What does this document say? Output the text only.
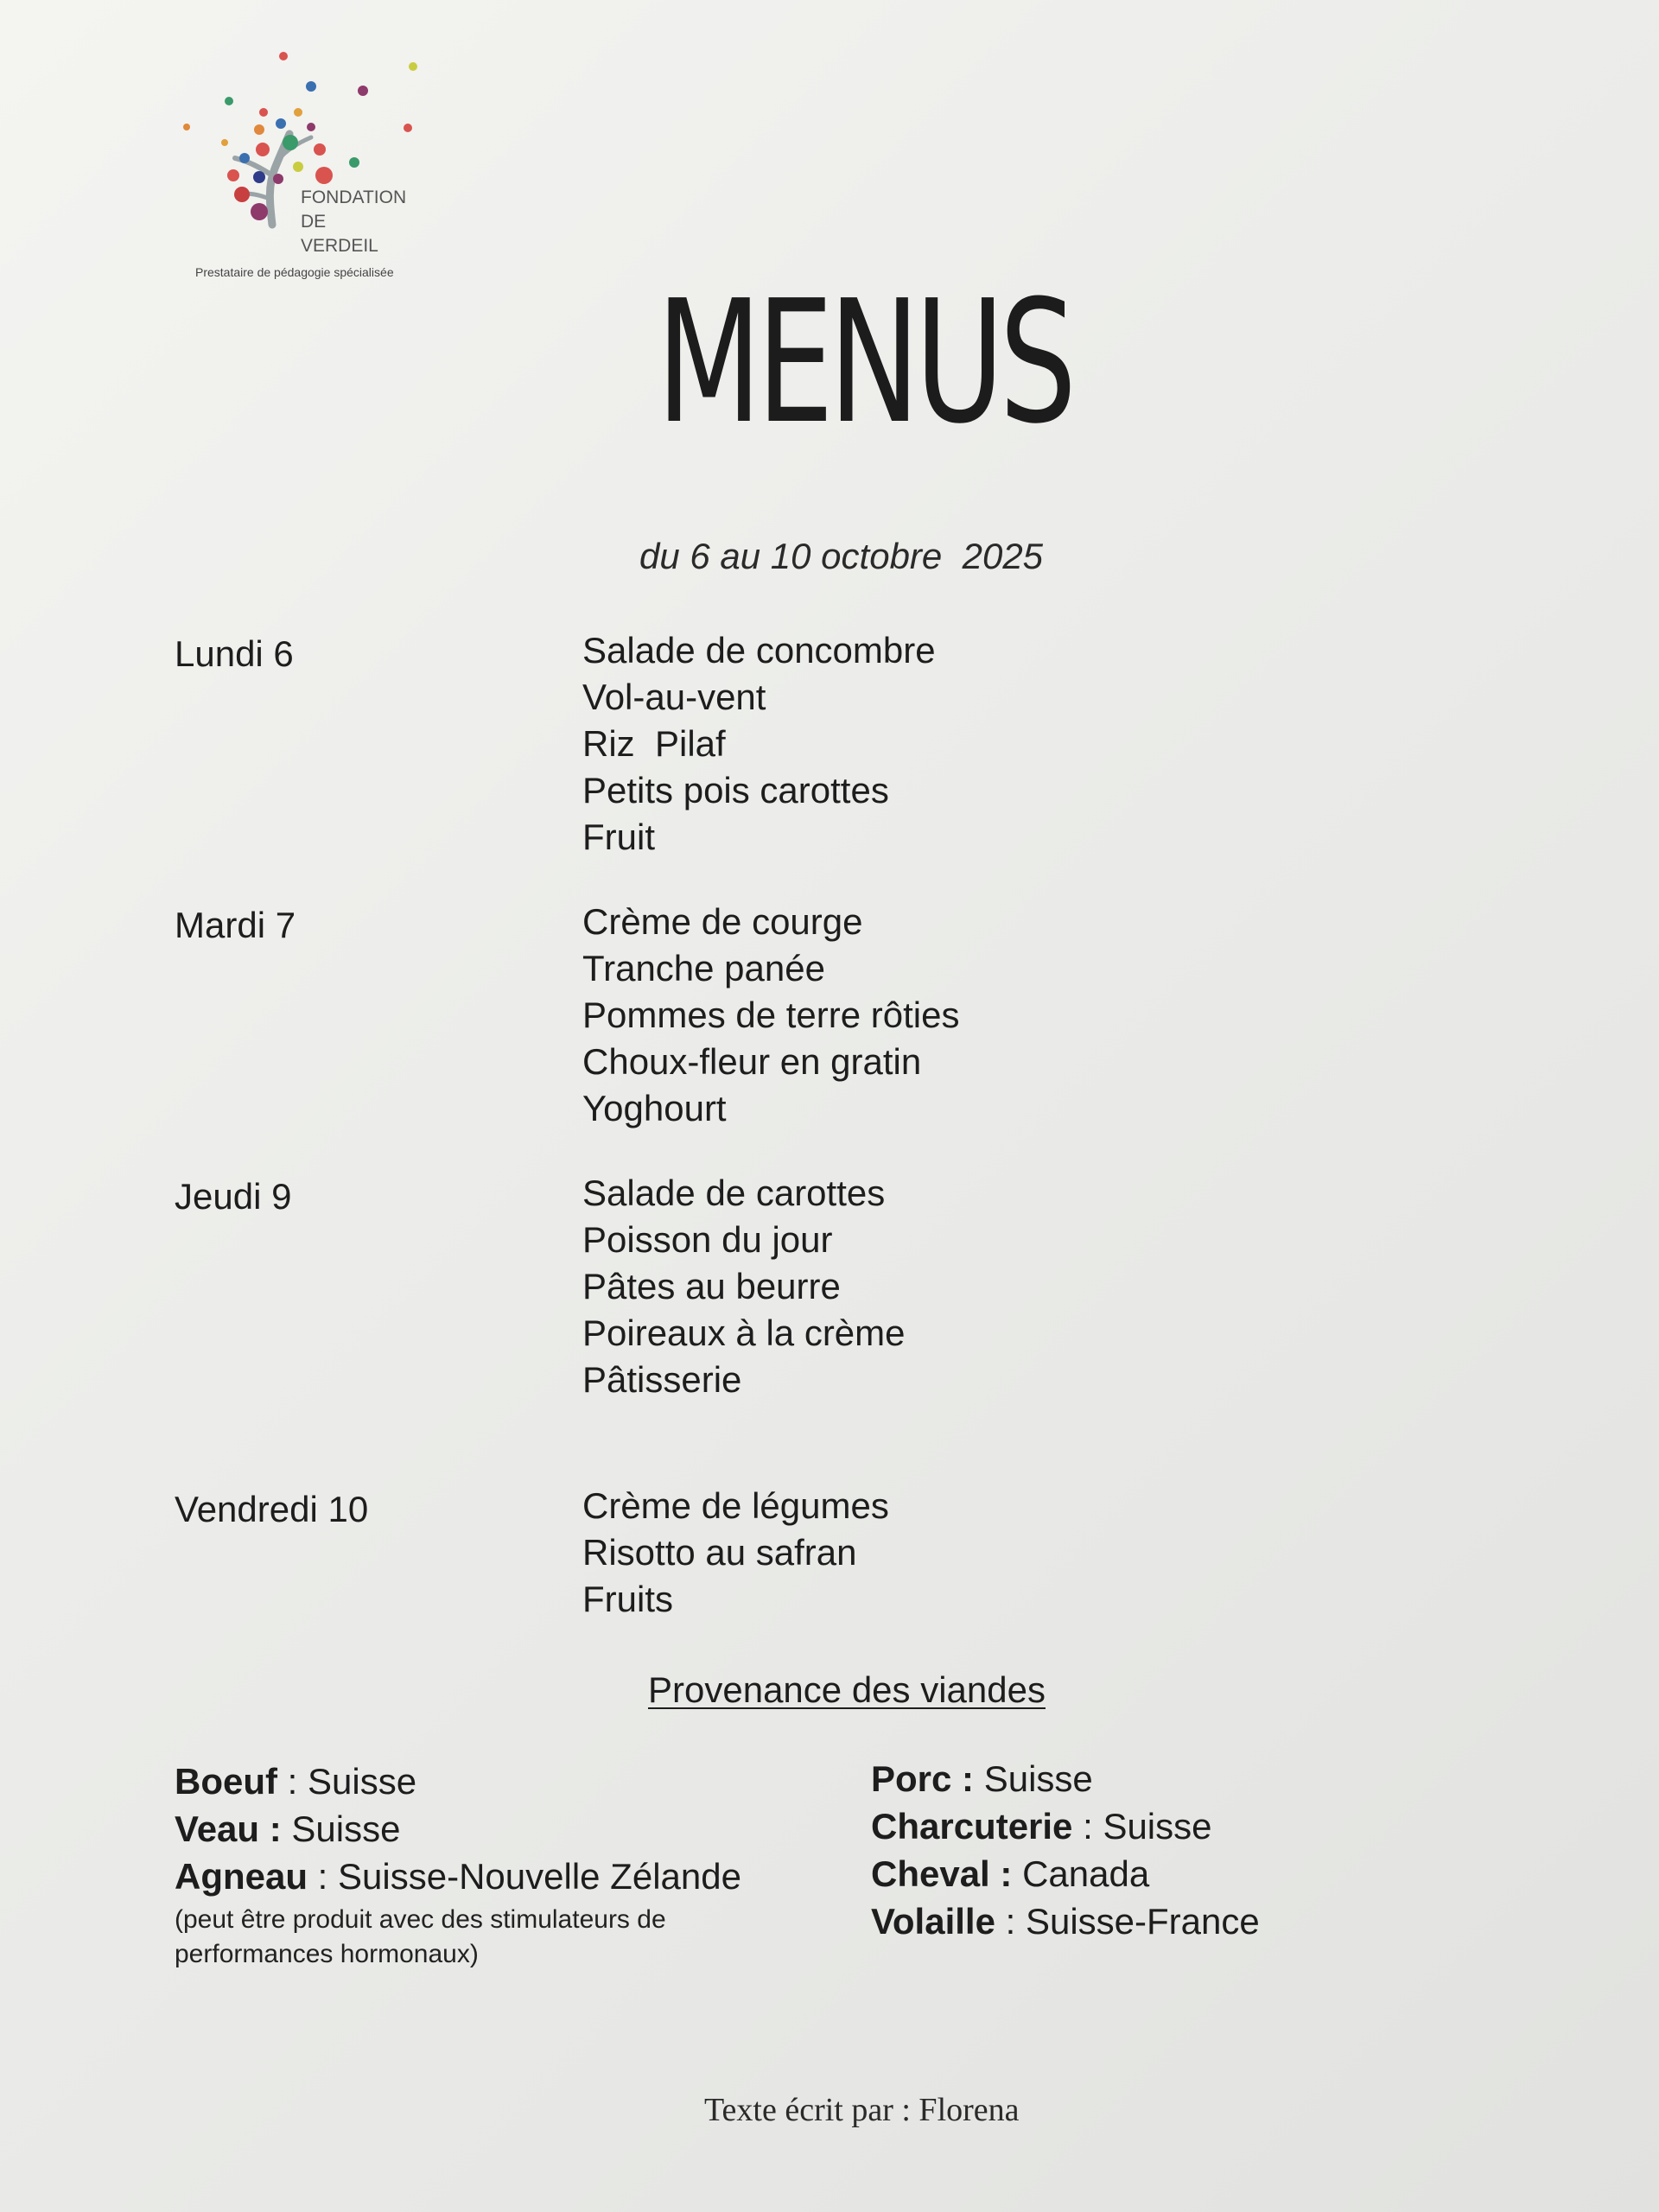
FONDATION
DE
VERDEIL
Prestataire de pédagogie spécialisée	MENUS
du 6 au 10 octobre  2025
Lundi 6	Salade de concombre
Vol-au-vent
Riz  Pilaf
Petits pois carottes
Fruit
Mardi 7	Crème de courge
Tranche panée
Pommes de terre rôties
Choux-fleur en gratin
Yoghourt
Jeudi 9	Salade de carottes
Poisson du jour
Pâtes au beurre
Poireaux à la crème
Pâtisserie
Vendredi 10	Crème de légumes
Risotto au safran
Fruits
Provenance des viandes
Boeuf : Suisse
Veau : Suisse
Agneau : Suisse-Nouvelle Zélande
(peut être produit avec des stimulateurs de performances hormonaux)
Porc : Suisse
Charcuterie : Suisse
Cheval : Canada
Volaille : Suisse-France
Texte écrit par : Florena
